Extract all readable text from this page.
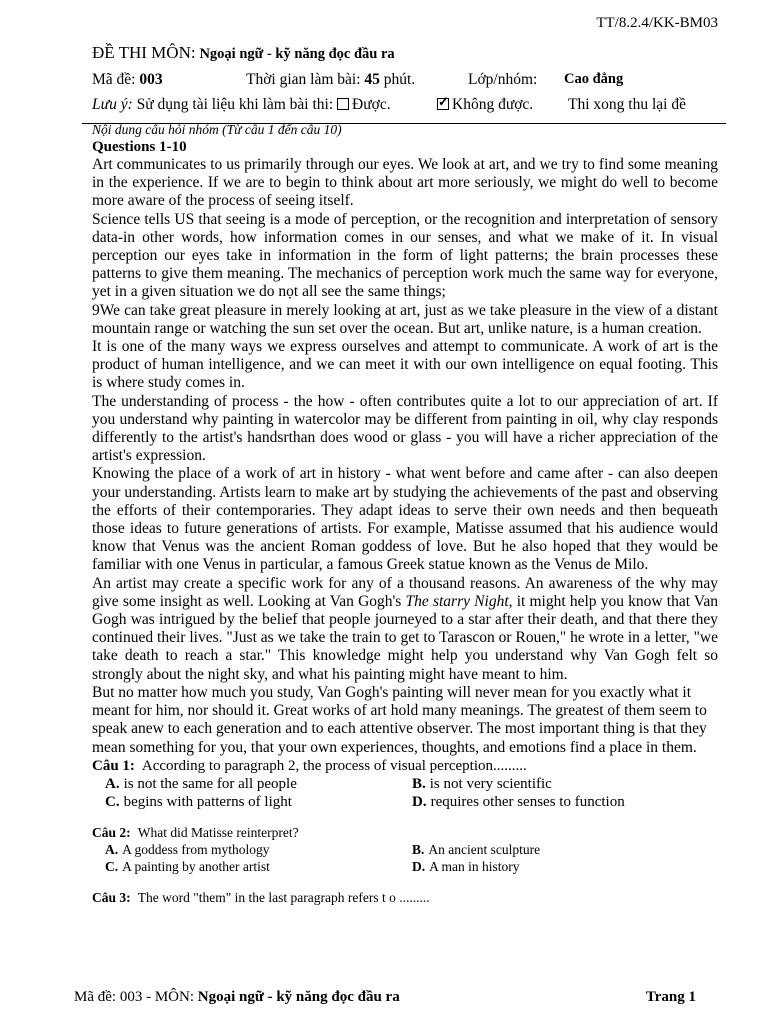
TT/8.2.4/KK-BM03
ĐỀ THI MÔN: Ngoại ngữ - kỹ năng đọc đầu ra
Mã đề: 003	Thời gian làm bài: 45 phút.	Lớp/nhóm: Cao đẳng
Lưu ý: Sử dụng tài liệu khi làm bài thi: Được.
✓	Không được. Thi xong thu lại đề
Nội dung câu hỏi nhóm (Từ câu 1 đến câu 10)
Questions 1-10

Art communicates to us primarily through our eyes. We look at art, and we try to find some meaning in the experience. If we are to begin to think about art more seriously, we might do well to become more aware of the process of seeing itself.

Science tells US that seeing is a mode of perception, or the recognition and interpretation of sensory data-in other words, how information comes in our senses, and what we make of it. In visual perception our eyes take in information in the form of light patterns; the brain processes these patterns to give them meaning. The mechanics of perception work much the same way for everyone, yet in a given situation we do nọt all see the same things;

9We can take great pleasure in merely looking at art, just as we take pleasure in the view of a distant mountain range or watching the sun set over the ocean. But art, unlike nature, is a human creation.

It is one of the many ways we express ourselves and attempt to communicate. A work of art is the product of human intelligence, and we can meet it with our own intelligence on equal footing. This is where study comes in.

The understanding of process - the how - often contributes quite a lot to our appreciation of art. If you understand why painting in watercolor may be different from painting in oil, why clay responds differently to the artist's handsrthan does wood or glass - you will have a richer appreciation of the artist's expression.

Knowing the place of a work of art in history - what went before and came after - can also deepen your understanding. Artists learn to make art by studying the achievements of the past and observing the efforts of their contemporaries. They adapt ideas to serve their own needs and then bequeath those ideas to future generations of artists. For example, Matisse assumed that his audience would know that Venus was the ancient Roman goddess of love. But he also hoped that they would be familiar with one Venus in particular, a famous Greek statue known as the Venus de Milo.

An artist may create a specific work for any of a thousand reasons. An awareness of the why may give some insight as well. Looking at Van Gogh's The starry Night, it might help you know that Van Gogh was intrigued by the belief that people journeyed to a star after their death, and that there they continued their lives. "Just as we take the train to get to Tarascon or Rouen," he wrote in a letter, "we take death to reach a star." This knowledge might help you understand why Van Gogh felt so strongly about the night sky, and what his painting might have meant to him.

But no matter how much you study, Van Gogh's painting will never mean for you exactly what it meant for him, nor should it. Great works of art hold many meanings. The greatest of them seem to speak anew to each generation and to each attentive observer. The most important thing is that they mean something for you, that your own experiences, thoughts, and emotions find a place in them.

Câu 1: According to paragraph 2, the process of visual perception.........

A. is not the same for all people	B. is not very scientific
C. begins with patterns of light	D. requires other senses to function

Câu 2: What did Matisse reinterpret?

A. A goddess from mythology	B. An ancient sculpture
C. A painting by another artist	D. A man in history

Câu 3: The word "them" in the last paragraph refers t o .........

Mã đề: 003 - MÔN: Ngoại ngữ - kỹ năng đọc đầu ra	Trang 1
